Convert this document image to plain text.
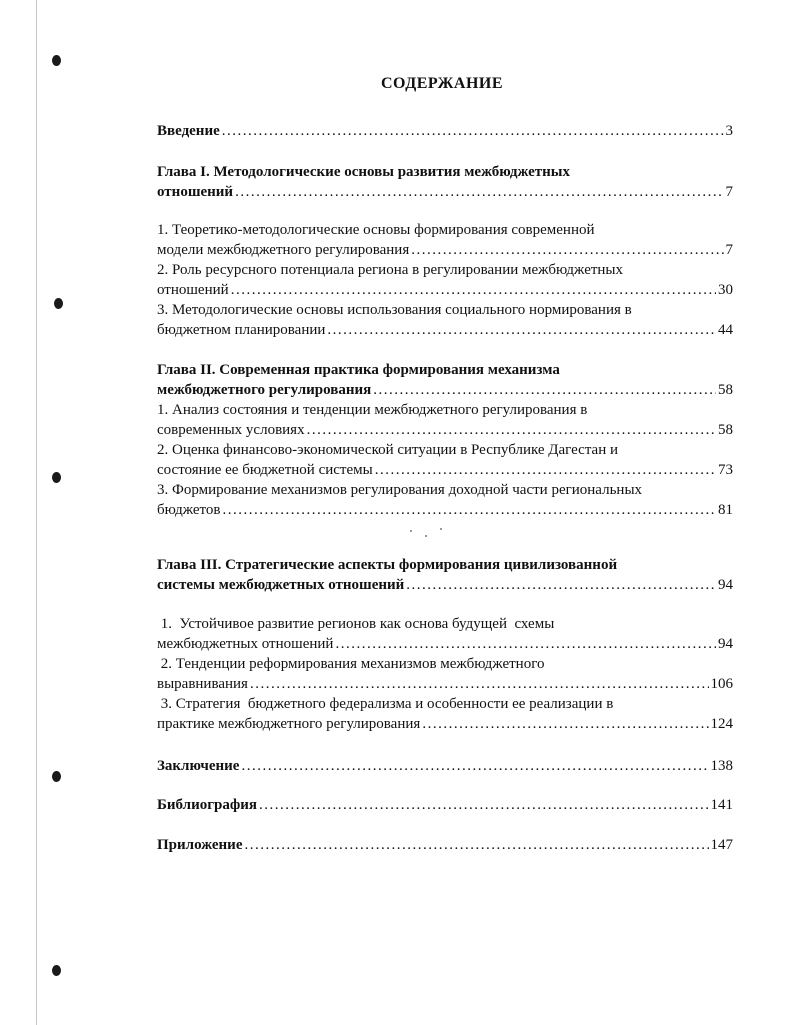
СОДЕРЖАНИЕ
Введение .....	3
Глава I. Методологические основы развития межбюджетных
отношений .....	7
1. Теоретико-методологические основы формирования современной
модели межбюджетного регулирования .....	7
2. Роль ресурсного потенциала региона в регулировании межбюджетных
отношений .....	30
3. Методологические основы использования социального нормирования в
бюджетном планировании .....	44
Глава II. Современная практика формирования механизма
межбюджетного регулирования .....	58
1. Анализ состояния и тенденции межбюджетного регулирования в
современных условиях .....	58
2. Оценка финансово-экономической ситуации в Республике Дагестан и
состояние ее бюджетной системы .....	73
3. Формирование механизмов регулирования доходной части региональных
бюджетов .....	81
Глава III. Стратегические аспекты формирования цивилизованной
системы межбюджетных отношений .....	94
1.  Устойчивое развитие регионов как основа будущей  схемы
межбюджетных отношений .....	94
2. Тенденции реформирования механизмов межбюджетного
выравнивания .....	106
3. Стратегия  бюджетного федерализма и особенности ее реализации в
практике межбюджетного регулирования .....	124
Заключение .....	138
Библиография .....	141
Приложение .....	147
